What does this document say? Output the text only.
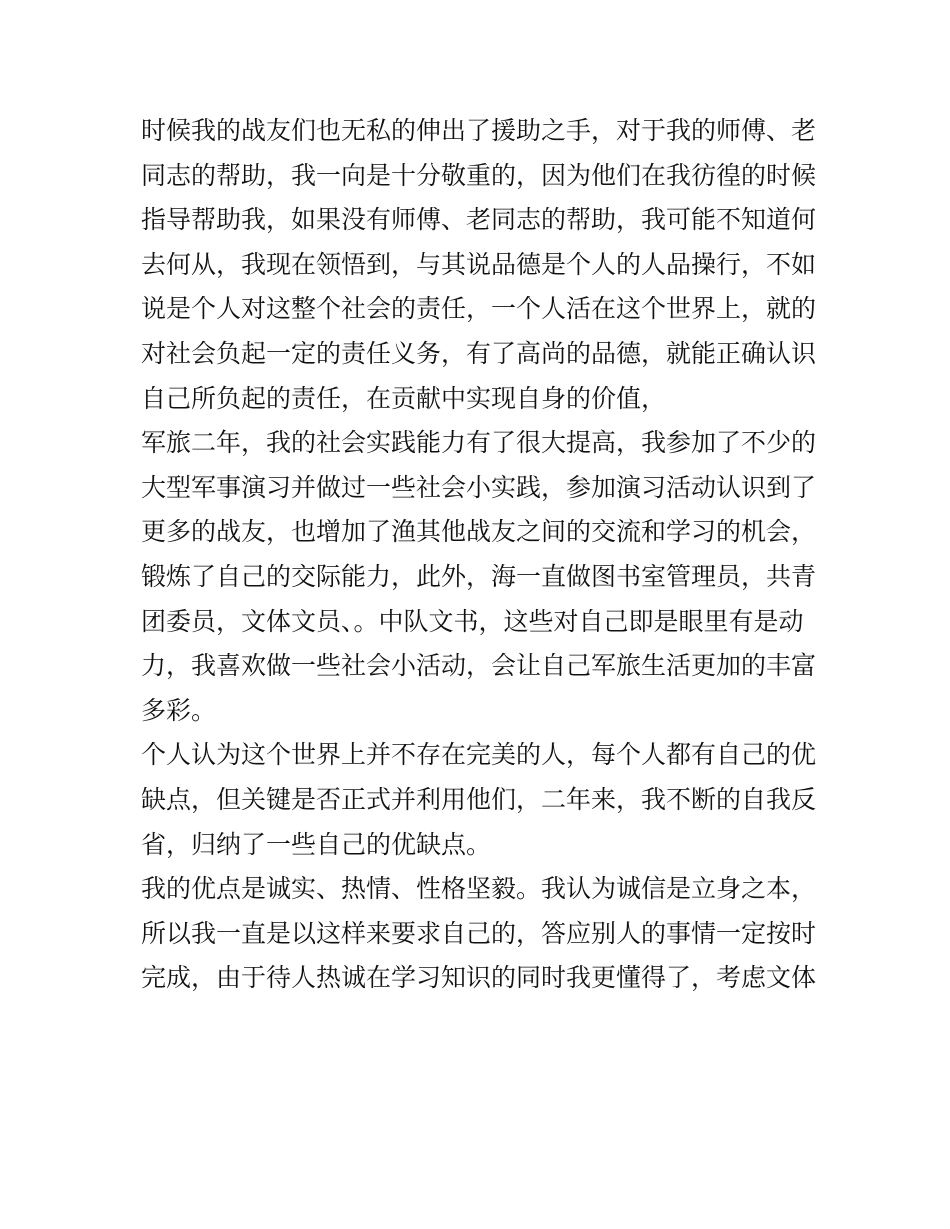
时候我的战友们也无私的伸出了援助之手，对于我的师傅、老
同志的帮助，我一向是十分敬重的，因为他们在我彷徨的时候
指导帮助我，如果没有师傅、老同志的帮助，我可能不知道何
去何从，我现在领悟到，与其说品德是个人的人品操行，不如
说是个人对这整个社会的责任，一个人活在这个世界上，就的
对社会负起一定的责任义务，有了高尚的品德，就能正确认识
自己所负起的责任，在贡献中实现自身的价值，
军旅二年，我的社会实践能力有了很大提高，我参加了不少的
大型军事演习并做过一些社会小实践，参加演习活动认识到了
更多的战友，也增加了渔其他战友之间的交流和学习的机会，
锻炼了自己的交际能力，此外，海一直做图书室管理员，共青
团委员，文体文员、。中队文书，这些对自己即是眼里有是动
力，我喜欢做一些社会小活动，会让自己军旅生活更加的丰富
多彩。
个人认为这个世界上并不存在完美的人，每个人都有自己的优
缺点，但关键是否正式并利用他们，二年来，我不断的自我反
省，归纳了一些自己的优缺点。
我的优点是诚实、热情、性格坚毅。我认为诚信是立身之本，
所以我一直是以这样来要求自己的，答应别人的事情一定按时
完成，由于待人热诚在学习知识的同时我更懂得了，考虑文体
